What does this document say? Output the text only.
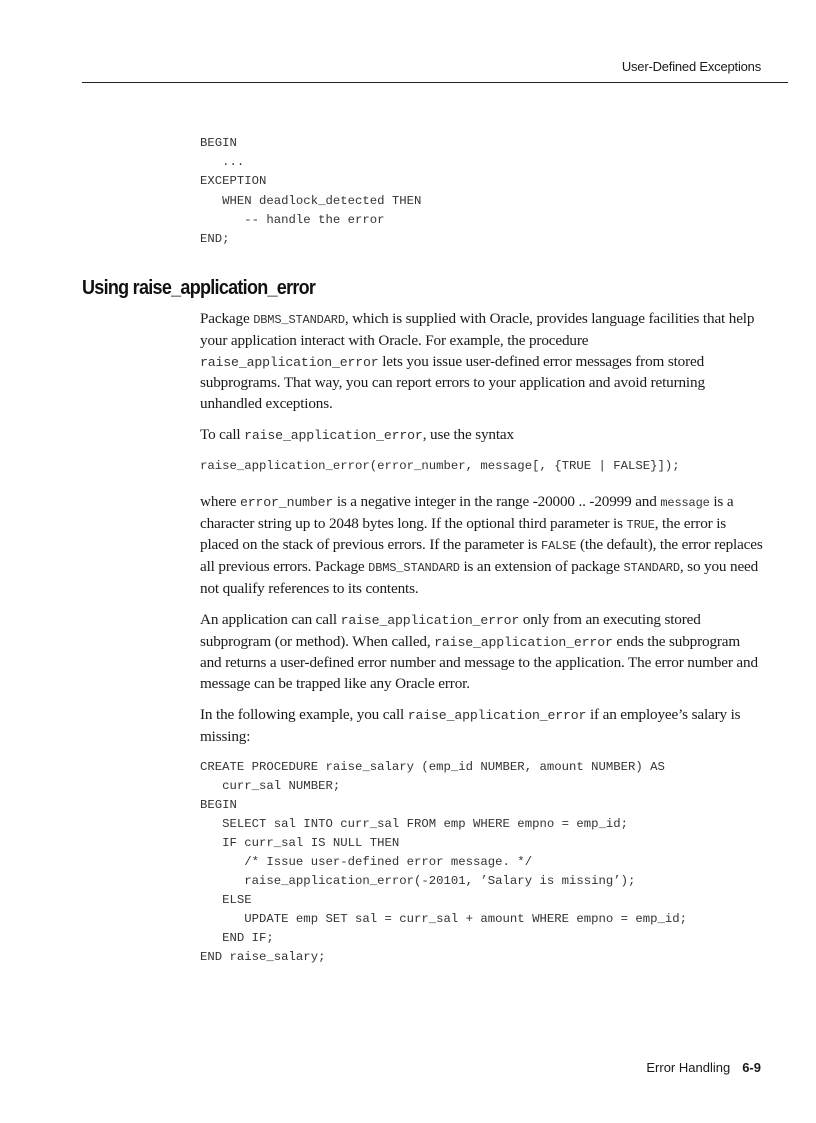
User-Defined Exceptions
BEGIN
...
EXCEPTION
WHEN deadlock_detected THEN
-- handle the error
END;
Using raise_application_error

Package DBMS_STANDARD, which is supplied with Oracle, provides language facilities that help your application interact with Oracle. For example, the procedure raise_application_error lets you issue user-defined error messages from stored subprograms. That way, you can report errors to your application and avoid returning unhandled exceptions.

To call raise_application_error, use the syntax

raise_application_error(error_number, message[, {TRUE | FALSE}]);

where error_number is a negative integer in the range -20000 .. -20999 and message is a character string up to 2048 bytes long. If the optional third parameter is TRUE, the error is placed on the stack of previous errors. If the parameter is FALSE (the default), the error replaces all previous errors. Package DBMS_STANDARD is an extension of package STANDARD, so you need not qualify references to its contents.

An application can call raise_application_error only from an executing stored subprogram (or method). When called, raise_application_error ends the subprogram and returns a user-defined error number and message to the application. The error number and message can be trapped like any Oracle error.

In the following example, you call raise_application_error if an employee’s salary is missing:

CREATE PROCEDURE raise_salary (emp_id NUMBER, amount NUMBER) AS
curr_sal NUMBER;
BEGIN
SELECT sal INTO curr_sal FROM emp WHERE empno = emp_id;
IF curr_sal IS NULL THEN
/* Issue user-defined error message. */
raise_application_error(-20101, ’Salary is missing’);
ELSE
UPDATE emp SET sal = curr_sal + amount WHERE empno = emp_id;
END IF;
END raise_salary;
Error Handling 6-9
